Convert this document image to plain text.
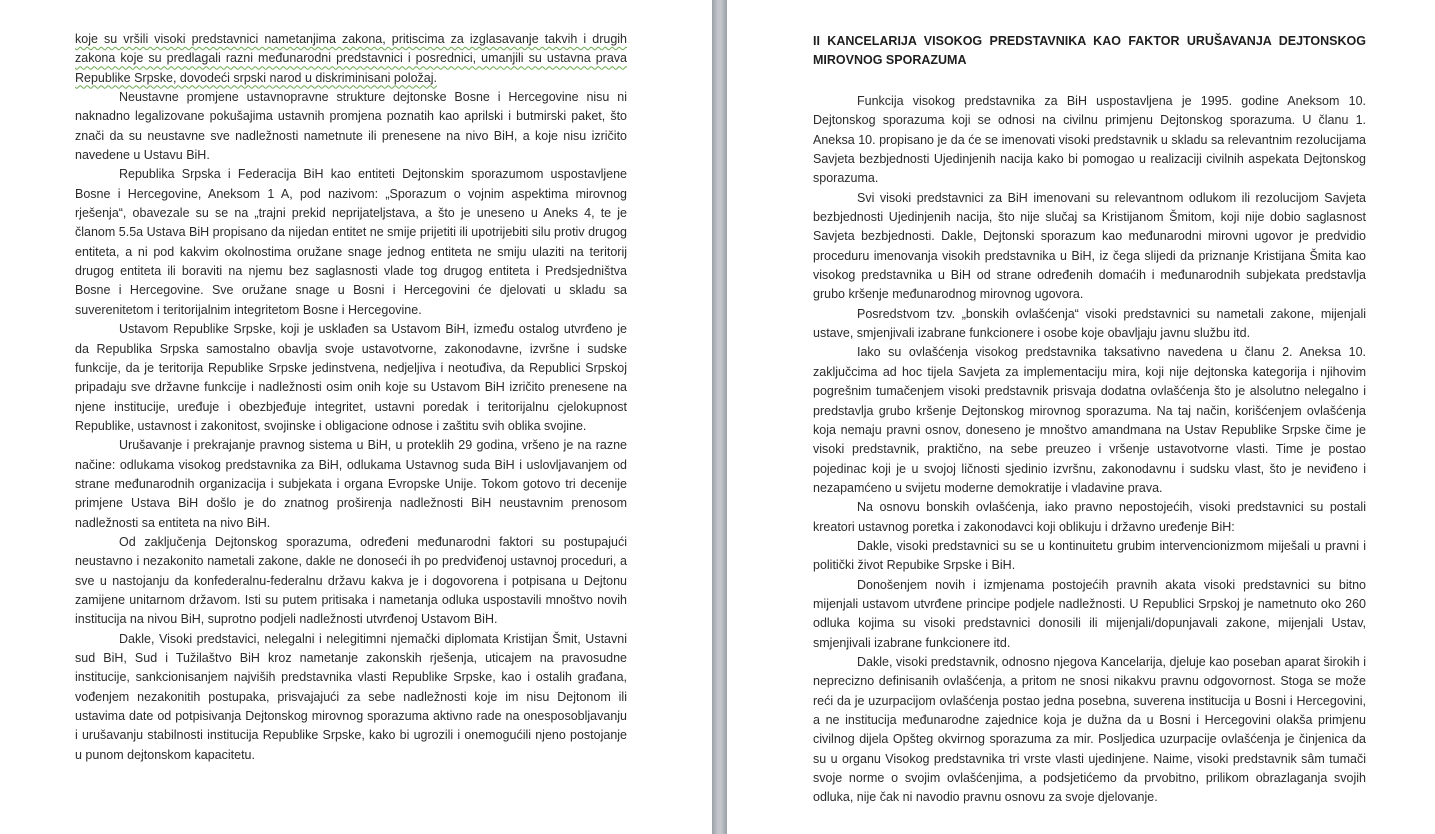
koje su vršili visoki predstavnici nametanjima zakona, pritiscima za izglasavanje takvih i drugih zakona koje su predlagali razni međunarodni predstavnici i posrednici, umanjili su ustavna prava Republike Srpske, dovodeći srpski narod u diskriminisani položaj.

Neustavne promjene ustavnopravne strukture dejtonske Bosne i Hercegovine nisu ni naknadno legalizovane pokušajima ustavnih promjena poznatih kao aprilski i butmirski paket, što znači da su neustavne sve nadležnosti nametnute ili prenesene na nivo BiH, a koje nisu izričito navedene u Ustavu BiH.

Republika Srpska i Federacija BiH kao entiteti Dejtonskim sporazumom uspostavljene Bosne i Hercegovine, Aneksom 1 A, pod nazivom: „Sporazum o vojnim aspektima mirovnog rješenja“, obavezale su se na „trajni prekid neprijateljstava, a što je uneseno u Aneks 4, te je članom 5.5a Ustava BiH propisano da nijedan entitet ne smije prijetiti ili upotrijebiti silu protiv drugog entiteta, a ni pod kakvim okolnostima oružane snage jednog entiteta ne smiju ulaziti na teritorij drugog entiteta ili boraviti na njemu bez saglasnosti vlade tog drugog entiteta i Predsjedništva Bosne i Hercegovine. Sve oružane snage u Bosni i Hercegovini će djelovati u skladu sa suverenitetom i teritorijalnim integritetom Bosne i Hercegovine.

Ustavom Republike Srpske, koji je usklađen sa Ustavom BiH, između ostalog utvrđeno je da Republika Srpska samostalno obavlja svoje ustavotvorne, zakonodavne, izvršne i sudske funkcije, da je teritorija Republike Srpske jedinstvena, nedjeljiva i neotuđiva, da Republici Srpskoj pripadaju sve državne funkcije i nadležnosti osim onih koje su Ustavom BiH izričito prenesene na njene institucije, uređuje i obezbjeđuje integritet, ustavni poredak i teritorijalnu cjelokupnost Republike, ustavnost i zakonitost, svojinske i obligacione odnose i zaštitu svih oblika svojine.

Urušavanje i prekrajanje pravnog sistema u BiH, u proteklih 29 godina, vršeno je na razne načine: odlukama visokog predstavnika za BiH, odlukama Ustavnog suda BiH i uslovljavanjem od strane međunarodnih organizacija i subjekata i organa Evropske Unije. Tokom gotovo tri decenije primjene Ustava BiH došlo je do znatnog proširenja nadležnosti BiH neustavnim prenosom nadležnosti sa entiteta na nivo BiH.

Od zaključenja Dejtonskog sporazuma, određeni međunarodni faktori su postupajući neustavno i nezakonito nametali zakone, dakle ne donoseći ih po predviđenoj ustavnoj proceduri, a sve u nastojanju da konfederalnu-federalnu državu kakva je i dogovorena i potpisana u Dejtonu zamijene unitarnom državom. Isti su putem pritisaka i nametanja odluka uspostavili mnoštvo novih institucija na nivou BiH, suprotno podjeli nadležnosti utvrđenoj Ustavom BiH.

Dakle, Visoki predstavici, nelegalni i nelegitimni njemački diplomata Kristijan Šmit, Ustavni sud BiH, Sud i Tužilaštvo BiH kroz nametanje zakonskih rješenja, uticajem na pravosudne institucije, sankcionisanjem najviših predstavnika vlasti Republike Srpske, kao i ostalih građana, vođenjem nezakonitih postupaka, prisvajajući za sebe nadležnosti koje im nisu Dejtonom ili ustavima date od potpisivanja Dejtonskog mirovnog sporazuma aktivno rade na onesposobljavanju i urušavanju stabilnosti institucija Republike Srpske, kako bi ugrozili i onemogućili njeno postojanje u punom dejtonskom kapacitetu.

II KANCELARIJA VISOKOG PREDSTAVNIKA KAO FAKTOR URUŠAVANJA DEJTONSKOG MIROVNOG SPORAZUMA

Funkcija visokog predstavnika za BiH uspostavljena je 1995. godine Aneksom 10. Dejtonskog sporazuma koji se odnosi na civilnu primjenu Dejtonskog sporazuma. U članu 1. Aneksa 10. propisano je da će se imenovati visoki predstavnik u skladu sa relevantnim rezolucijama Savjeta bezbjednosti Ujedinjenih nacija kako bi pomogao u realizaciji civilnih aspekata Dejtonskog sporazuma.

Svi visoki predstavnici za BiH imenovani su relevantnom odlukom ili rezolucijom Savjeta bezbjednosti Ujedinjenih nacija, što nije slučaj sa Kristijanom Šmitom, koji nije dobio saglasnost Savjeta bezbjednosti. Dakle, Dejtonski sporazum kao međunarodni mirovni ugovor je predvidio proceduru imenovanja visokih predstavnika u BiH, iz čega slijedi da priznanje Kristijana Šmita kao visokog predstavnika u BiH od strane određenih domaćih i međunarodnih subjekata predstavlja grubo kršenje međunarodnog mirovnog ugovora.

Posredstvom tzv. „bonskih ovlašćenja“ visoki predstavnici su nametali zakone, mijenjali ustave, smjenjivali izabrane funkcionere i osobe koje obavljaju javnu službu itd.

Iako su ovlašćenja visokog predstavnika taksativno navedena u članu 2. Aneksa 10. zaključcima ad hoc tijela Savjeta za implementaciju mira, koji nije dejtonska kategorija i njihovim pogrešnim tumačenjem visoki predstavnik prisvaja dodatna ovlašćenja što je alsolutno nelegalno i predstavlja grubo kršenje Dejtonskog mirovnog sporazuma. Na taj način, korišćenjem ovlašćenja koja nemaju pravni osnov, doneseno je mnoštvo amandmana na Ustav Republike Srpske čime je visoki predstavnik, praktično, na sebe preuzeo i vršenje ustavotvorne vlasti. Time je postao pojedinac koji je u svojoj ličnosti sjedinio izvršnu, zakonodavnu i sudsku vlast, što je neviđeno i nezapamćeno u svijetu moderne demokratije i vladavine prava.

Na osnovu bonskih ovlašćenja, iako pravno nepostojećih, visoki predstavnici su postali kreatori ustavnog poretka i zakonodavci koji oblikuju i državno uređenje BiH:

Dakle, visoki predstavnici su se u kontinuitetu grubim intervencionizmom miješali u pravni i politički život Repubike Srpske i BiH.

Donošenjem novih i izmjenama postojećih pravnih akata visoki predstavnici su bitno mijenjali ustavom utvrđene principe podjele nadležnosti. U Republici Srpskoj je nametnuto oko 260 odluka kojima su visoki predstavnici donosili ili mijenjali/dopunjavali zakone, mijenjali Ustav, smjenjivali izabrane funkcionere itd.

Dakle, visoki predstavnik, odnosno njegova Kancelarija, djeluje kao poseban aparat širokih i neprecizno definisanih ovlašćenja, a pritom ne snosi nikakvu pravnu odgovornost. Stoga se može reći da je uzurpacijom ovlašćenja postao jedna posebna, suverena institucija u Bosni i Hercegovini, a ne institucija međunarodne zajednice koja je dužna da u Bosni i Hercegovini olakša primjenu civilnog dijela Opšteg okvirnog sporazuma za mir. Posljedica uzurpacije ovlašćenja je činjenica da su u organu Visokog predstavnika tri vrste vlasti ujedinjene. Naime, visoki predstavnik sâm tumači svoje norme o svojim ovlašćenjima, a podsjetićemo da prvobitno, prilikom obrazlaganja svojih odluka, nije čak ni navodio pravnu osnovu za svoje djelovanje.
